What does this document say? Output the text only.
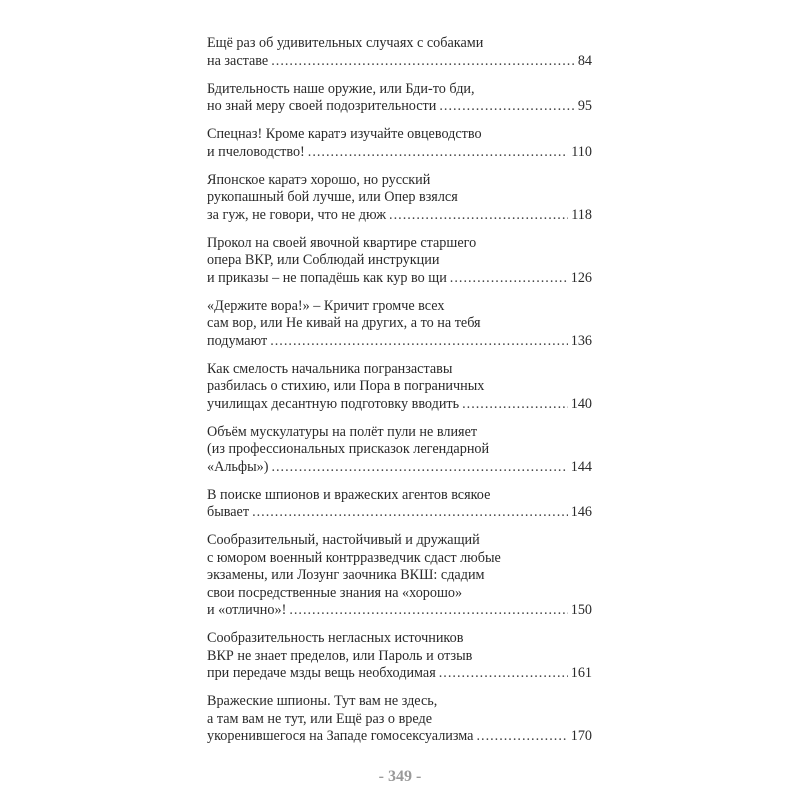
Ещё раз об удивительных случаях с собаками
на заставе .....	84
Бдительность наше оружие, или Бди-то бди,
но знай меру своей подозрительности .....	95
Спецназ! Кроме каратэ изучайте овцеводство
и пчеловодство! .....	110
Японское каратэ хорошо, но русский
рукопашный бой лучше, или Опер взялся
за гуж, не говори, что не дюж .....	118
Прокол на своей явочной квартире старшего
опера ВКР, или Соблюдай инструкции
и приказы – не попадёшь как кур во щи .....	126
«Держите вора!» – Кричит громче всех
сам вор, или Не кивай на других, а то на тебя
подумают .....	136
Как смелость начальника погранзаставы
разбилась о стихию, или Пора в пограничных
училищах десантную подготовку вводить .....	140
Объём мускулатуры на полёт пули не влияет
(из профессиональных присказок легендарной
«Альфы») .....	144
В поиске шпионов и вражеских агентов всякое
бывает .....	146
Сообразительный, настойчивый и дружащий
с юмором военный контрразведчик сдаст любые
экзамены, или Лозунг заочника ВКШ: сдадим
свои посредственные знания на «хорошо»
и «отлично»! .....	150
Сообразительность негласных источников
ВКР не знает пределов, или Пароль и отзыв
при передаче мзды вещь необходимая .....	161
Вражеские шпионы. Тут вам не здесь,
а там вам не тут, или Ещё раз о вреде
укоренившегося на Западе гомосексуализма .....	170
- 349 -
